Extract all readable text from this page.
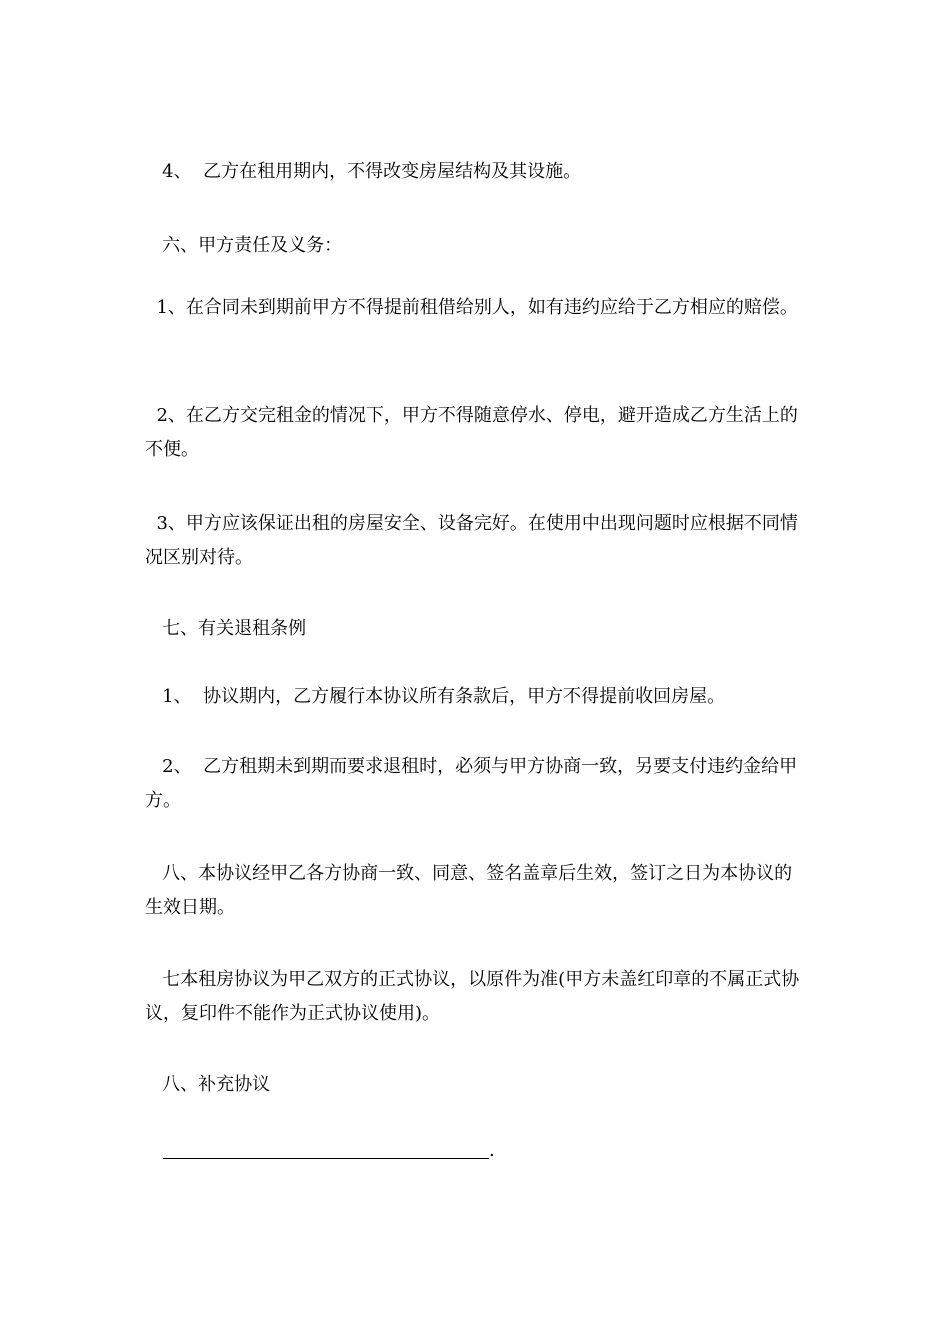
4、  乙方在租用期内，不得改变房屋结构及其设施。

六、甲方责任及义务：

1、在合同未到期前甲方不得提前租借给别人，如有违约应给于乙方相应的赔偿。

2、在乙方交完租金的情况下，甲方不得随意停水、停电，避开造成乙方生活上的不便。

3、甲方应该保证出租的房屋安全、设备完好。在使用中出现问题时应根据不同情况区别对待。

七、有关退租条例

1、  协议期内，乙方履行本协议所有条款后，甲方不得提前收回房屋。

2、  乙方租期未到期而要求退租时，必须与甲方协商一致，另要支付违约金给甲方。

八、本协议经甲乙各方协商一致、同意、签名盖章后生效，签订之日为本协议的生效日期。

七本租房协议为甲乙双方的正式协议，以原件为准(甲方未盖红印章的不属正式协议，复印件不能作为正式协议使用)。

八、补充协议

.
